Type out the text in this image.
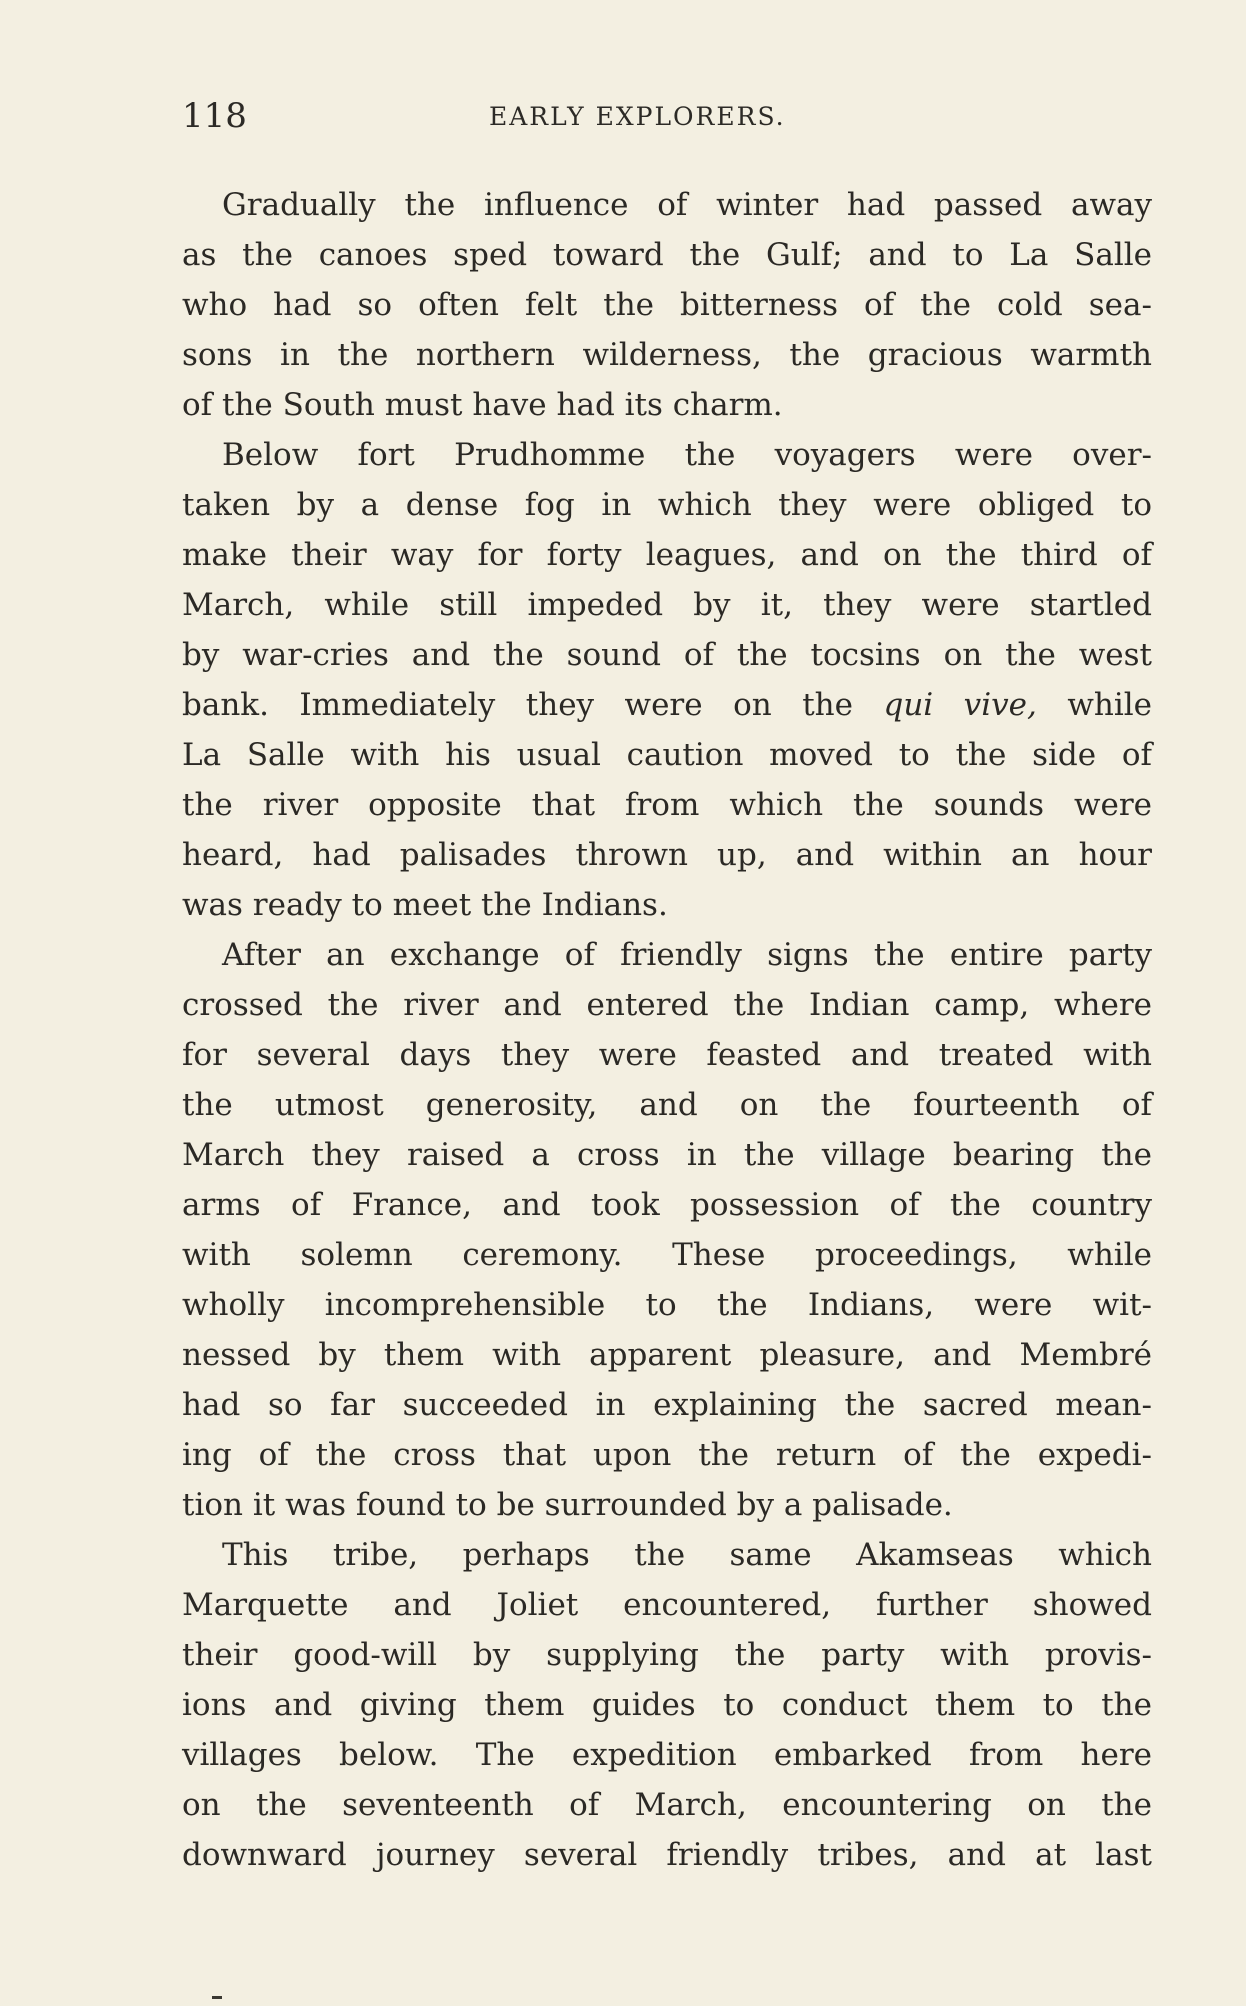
118	EARLY EXPLORERS.
Gradually the influence of winter had passed away
as the canoes sped toward the Gulf; and to La Salle
who had so often felt the bitterness of the cold sea-
sons in the northern wilderness, the gracious warmth
of the South must have had its charm.
Below fort Prudhomme the voyagers were over-
taken by a dense fog in which they were obliged to
make their way for forty leagues, and on the third of
March, while still impeded by it, they were startled
by war-cries and the sound of the tocsins on the west
bank. Immediately they were on the qui vive, while
La Salle with his usual caution moved to the side of
the river opposite that from which the sounds were
heard, had palisades thrown up, and within an hour
was ready to meet the Indians.
After an exchange of friendly signs the entire party
crossed the river and entered the Indian camp, where
for several days they were feasted and treated with
the utmost generosity, and on the fourteenth of
March they raised a cross in the village bearing the
arms of France, and took possession of the country
with solemn ceremony. These proceedings, while
wholly incomprehensible to the Indians, were wit-
nessed by them with apparent pleasure, and Membré
had so far succeeded in explaining the sacred mean-
ing of the cross that upon the return of the expedi-
tion it was found to be surrounded by a palisade.
This tribe, perhaps the same Akamseas which
Marquette and Joliet encountered, further showed
their good-will by supplying the party with provis-
ions and giving them guides to conduct them to the
villages below. The expedition embarked from here
on the seventeenth of March, encountering on the
downward journey several friendly tribes, and at last
